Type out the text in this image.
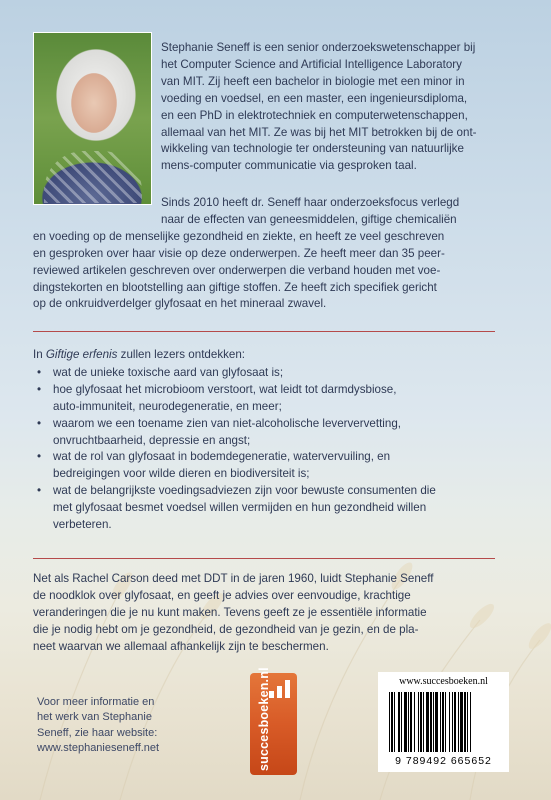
Stephanie Seneff is een senior onderzoekswetenschapper bij

het Computer Science and Artificial Intelligence Laboratory

van MIT. Zij heeft een bachelor in biologie met een minor in

voeding en voedsel, en een master, een ingenieursdiploma,

en een PhD in elektrotechniek en computerwetenschappen,

allemaal van het MIT. Ze was bij het MIT betrokken bij de ont-

wikkeling van technologie ter ondersteuning van natuurlijke

mens-computer communicatie via gesproken taal.

Sinds 2010 heeft dr. Seneff haar onderzoeksfocus verlegd

naar de effecten van geneesmiddelen, giftige chemicaliën

en voeding op de menselijke gezondheid en ziekte, en heeft ze veel geschreven

en gesproken over haar visie op deze onderwerpen. Ze heeft meer dan 35 peer-

reviewed artikelen geschreven over onderwerpen die verband houden met voe-

dingstekorten en blootstelling aan giftige stoffen. Ze heeft zich specifiek gericht

op de onkruidverdelger glyfosaat en het mineraal zwavel.

In Giftige erfenis zullen lezers ontdekken:

• wat de unieke toxische aard van glyfosaat is;
• hoe glyfosaat het microbioom verstoort, wat leidt tot darmdysbiose,
auto-immuniteit, neurodegeneratie, en meer;
• waarom we een toename zien van niet-alcoholische leververvetting,
onvruchtbaarheid, depressie en angst;
• wat de rol van glyfosaat in bodemdegeneratie, watervervuiling, en
bedreigingen voor wilde dieren en biodiversiteit is;
• wat de belangrijkste voedingsadviezen zijn voor bewuste consumenten die
met glyfosaat besmet voedsel willen vermijden en hun gezondheid willen
verbeteren.

Net als Rachel Carson deed met DDT in de jaren 1960, luidt Stephanie Seneff

de noodklok over glyfosaat, en geeft je advies over eenvoudige, krachtige

veranderingen die je nu kunt maken. Tevens geeft ze je essentiële informatie

die je nodig hebt om je gezondheid, de gezondheid van je gezin, en de pla-

neet waarvan we allemaal afhankelijk zijn te beschermen.

Voor meer informatie en
het werk van Stephanie
Seneff, zie haar website:
www.stephanieseneff.net	succesboeken.nl	www.succesboeken.nl
9 789492 665652
